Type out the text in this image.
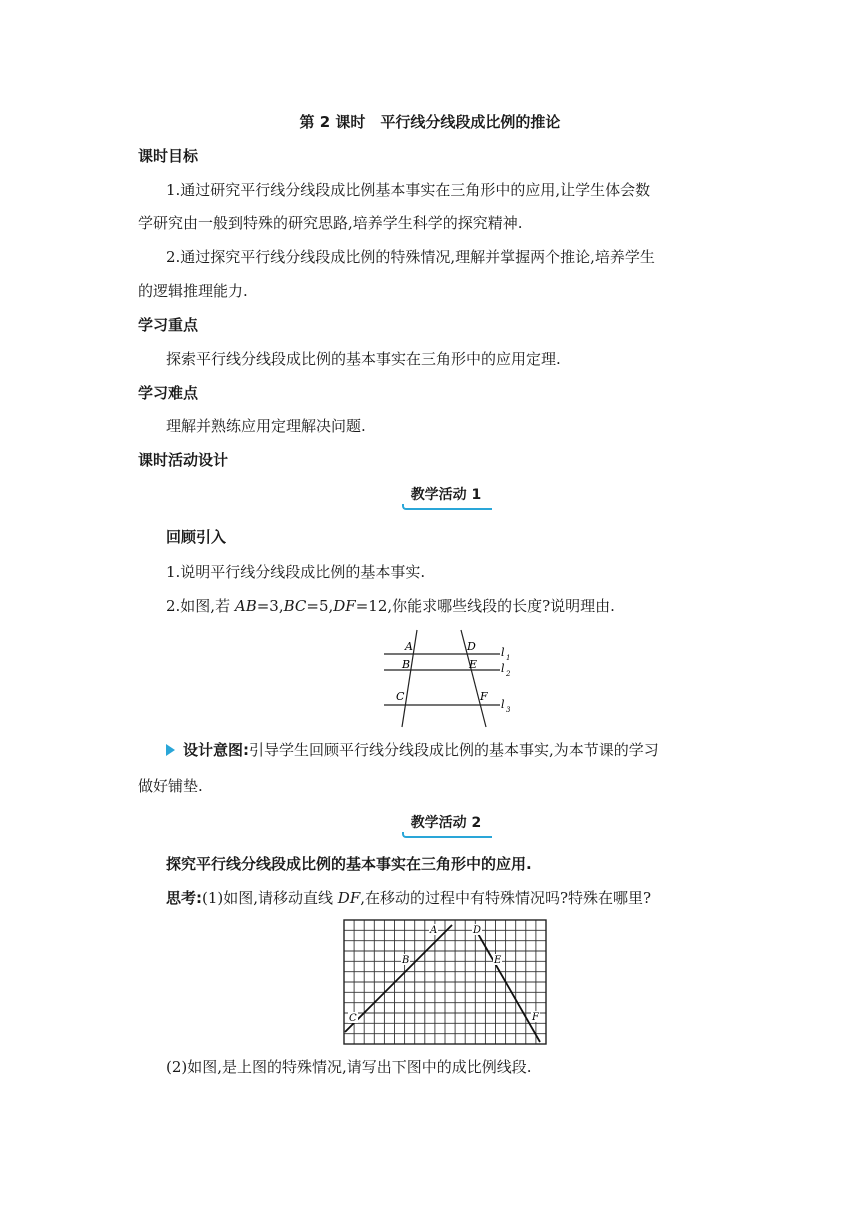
第 2 课时　平行线分线段成比例的推论
课时目标
1.通过研究平行线分线段成比例基本事实在三角形中的应用,让学生体会数
学研究由一般到特殊的研究思路,培养学生科学的探究精神.
2.通过探究平行线分线段成比例的特殊情况,理解并掌握两个推论,培养学生
的逻辑推理能力.
学习重点
探索平行线分线段成比例的基本事实在三角形中的应用定理.
学习难点
理解并熟练应用定理解决问题.
课时活动设计
教学活动 1
回顾引入
1.说明平行线分线段成比例的基本事实.
2.如图,若 AB=3,BC=5,DF=12,你能求哪些线段的长度?说明理由.
A
B
C
D
E
F
l 1
l 2
l 3
设计意图:引导学生回顾平行线分线段成比例的基本事实,为本节课的学习
做好铺垫.
教学活动 2
探究平行线分线段成比例的基本事实在三角形中的应用.
思考:(1)如图,请移动直线 DF,在移动的过程中有特殊情况吗?特殊在哪里?
A
B
C
D
E
F
(2)如图,是上图的特殊情况,请写出下图中的成比例线段.
